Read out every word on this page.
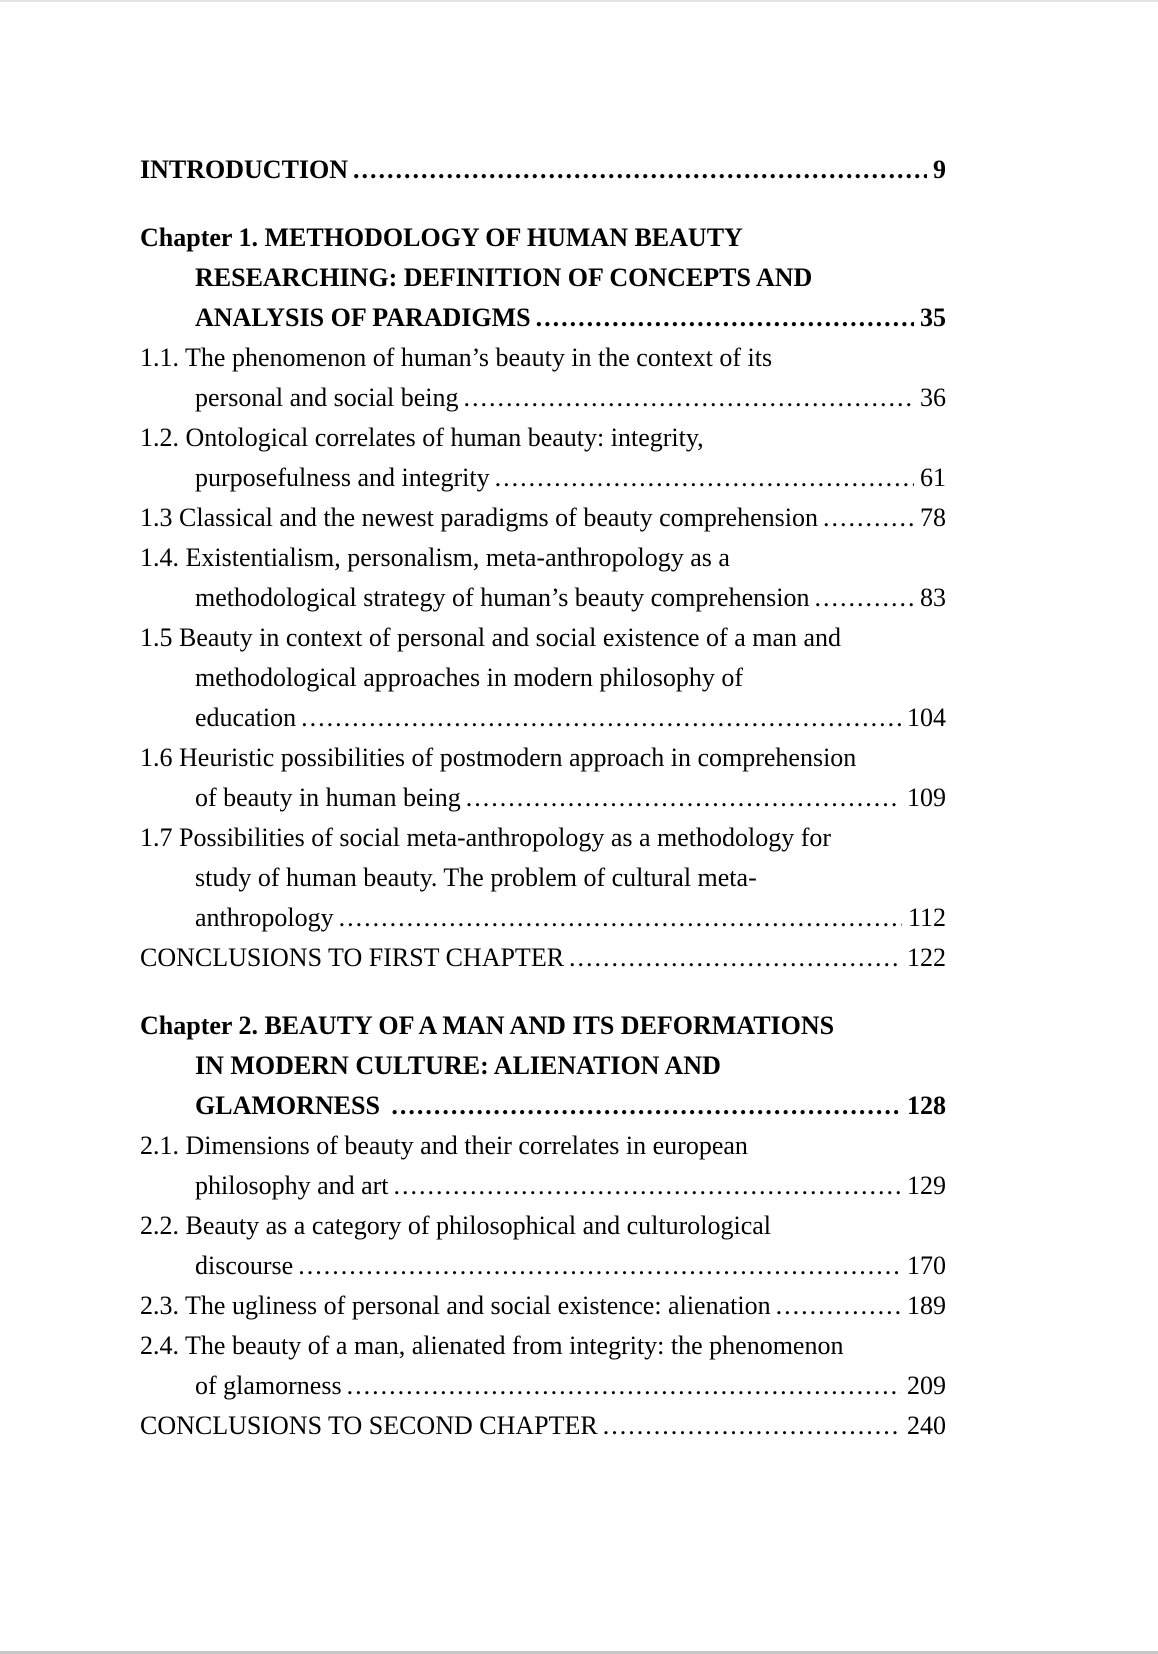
INTRODUCTION .....	9
Chapter 1. METHODOLOGY OF HUMAN BEAUTY
RESEARCHING: DEFINITION OF CONCEPTS AND
ANALYSIS OF PARADIGMS .....	35
1.1. The phenomenon of human’s beauty in the context of its
personal and social being .....	36
1.2. Ontological correlates of human beauty: integrity,
purposefulness and integrity .....	61
1.3 Classical and the newest paradigms of beauty comprehension .....	78
1.4. Existentialism, personalism, meta-anthropology as a
methodological strategy of human’s beauty comprehension .....	83
1.5 Beauty in context of personal and social existence of a man and
methodological approaches in modern philosophy of
education .....	104
1.6 Heuristic possibilities of postmodern approach in comprehension
of beauty in human being .....	109
1.7 Possibilities of social meta-anthropology as a methodology for
study of human beauty. The problem of cultural meta-
anthropology .....	112
CONCLUSIONS TO FIRST CHAPTER .....	122
Chapter 2. BEAUTY OF A MAN AND ITS DEFORMATIONS
IN MODERN CULTURE: ALIENATION AND
GLAMORNESS .....	128
2.1. Dimensions of beauty and their correlates in european
philosophy and art .....	129
2.2. Beauty as a category of philosophical and culturological
discourse .....	170
2.3. The ugliness of personal and social existence: alienation .....	189
2.4. The beauty of a man, alienated from integrity: the phenomenon
of glamorness .....	209
CONCLUSIONS TO SECOND CHAPTER .....	240
